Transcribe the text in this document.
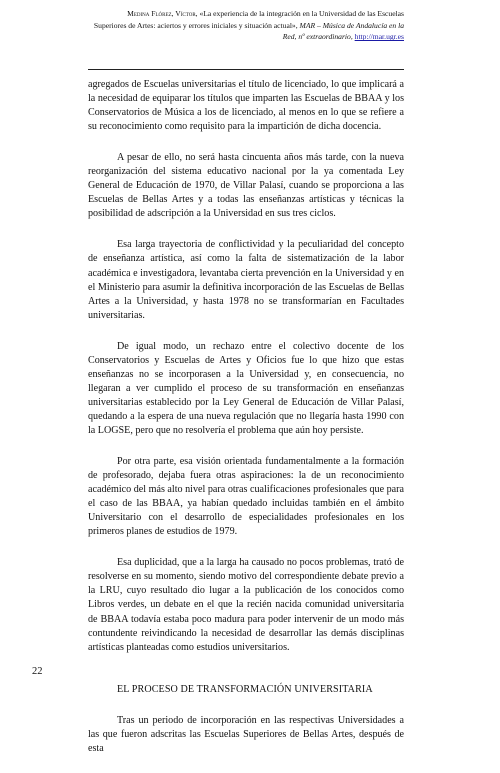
Medina Flórez, Víctor, «La experiencia de la integración en la Universidad de las Escuelas
Superiores de Artes: aciertos y errores iniciales y situación actual», MAR – Música de Andalucía en la
Red, nº extraordinario, http://mar.ugr.es

agregados de Escuelas universitarias el título de licenciado, lo que implicará a la necesidad de equiparar los títulos que imparten las Escuelas de BBAA y los Conservatorios de Música a los de licenciado, al menos en lo que se refiere a su reconocimiento como requisito para la impartición de dicha docencia.

A pesar de ello, no será hasta cincuenta años más tarde, con la nueva reorganización del sistema educativo nacional por la ya comentada Ley General de Educación de 1970, de Villar Palasí, cuando se proporciona a las Escuelas de Bellas Artes y a todas las enseñanzas artísticas y técnicas la posibilidad de adscripción a la Universidad en sus tres ciclos.

Esa larga trayectoria de conflictividad y la peculiaridad del concepto de enseñanza artística, así como la falta de sistematización de la labor académica e investigadora, levantaba cierta prevención en la Universidad y en el Ministerio para asumir la definitiva incorporación de las Escuelas de Bellas Artes a la Universidad, y hasta 1978 no se transformarían en Facultades universitarias.

De igual modo, un rechazo entre el colectivo docente de los Conservatorios y Escuelas de Artes y Oficios fue lo que hizo que estas enseñanzas no se incorporasen a la Universidad y, en consecuencia, no llegaran a ver cumplido el proceso de su transformación en enseñanzas universitarias establecido por la Ley General de Educación de Villar Palasí, quedando a la espera de una nueva regulación que no llegaría hasta 1990 con la LOGSE, pero que no resolvería el problema que aún hoy persiste.

Por otra parte, esa visión orientada fundamentalmente a la formación de profesorado, dejaba fuera otras aspiraciones: la de un reconocimiento académico del más alto nivel para otras cualificaciones profesionales que para el caso de las BBAA, ya habían quedado incluidas también en el ámbito Universitario con el desarrollo de especialidades profesionales en los primeros planes de estudios de 1979.

Esa duplicidad, que a la larga ha causado no pocos problemas, trató de resolverse en su momento, siendo motivo del correspondiente debate previo a la LRU, cuyo resultado dio lugar a la publicación de los conocidos como Libros verdes, un debate en el que la recién nacida comunidad universitaria de BBAA todavía estaba poco madura para poder intervenir de un modo más contundente reivindicando la necesidad de desarrollar las demás disciplinas artísticas planteadas como estudios universitarios.

EL PROCESO DE TRANSFORMACIÓN UNIVERSITARIA

Tras un periodo de incorporación en las respectivas Universidades a las que fueron adscritas las Escuelas Superiores de Bellas Artes, después de esta

22
